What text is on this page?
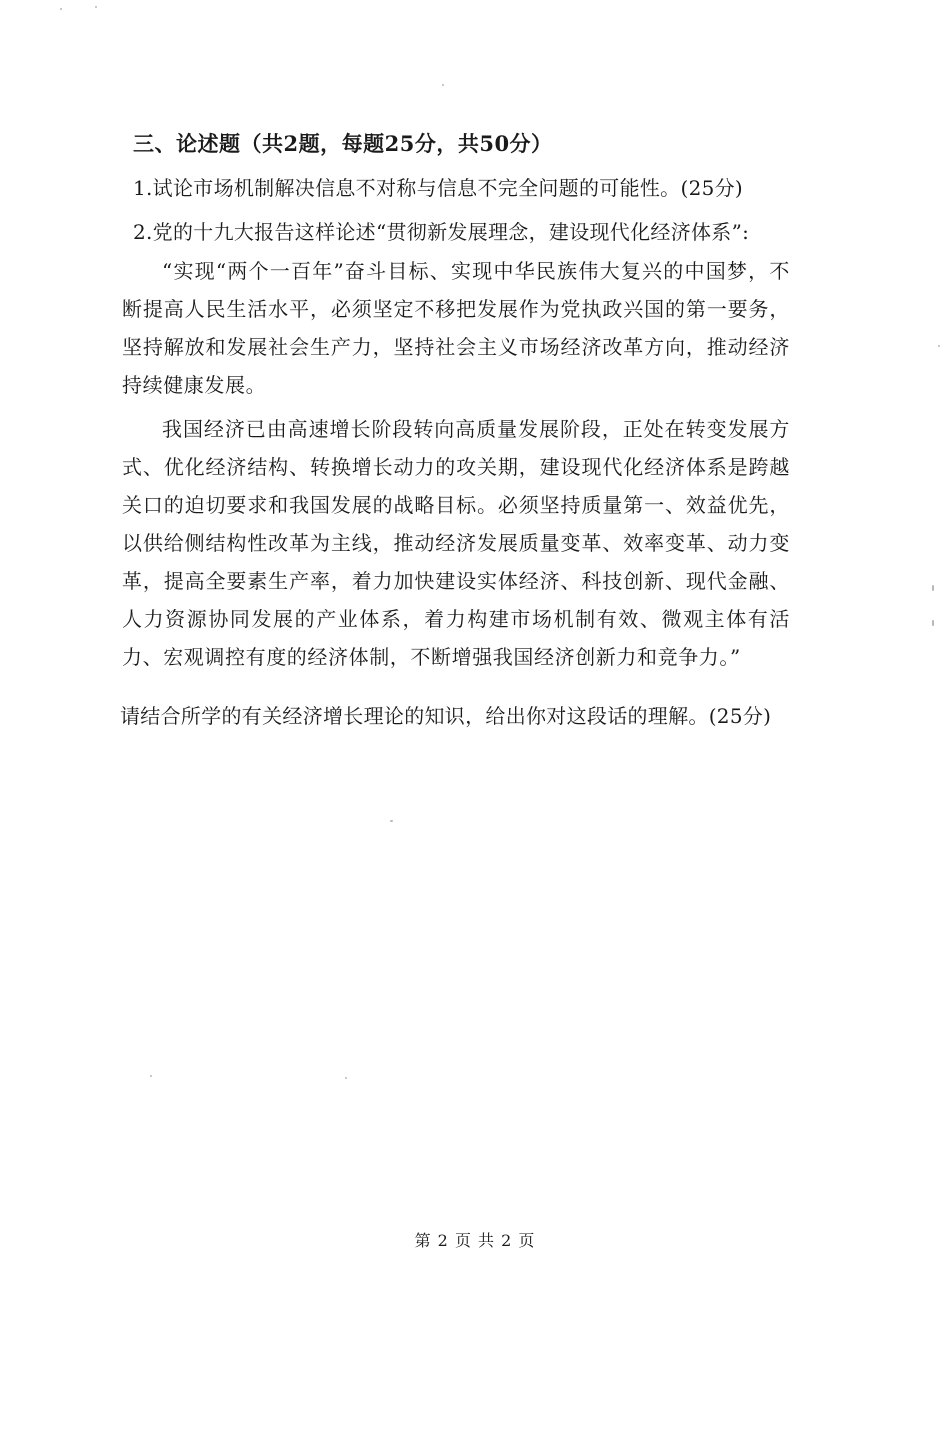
三、论述题（共2题，每题25分，共50分）
1.试论市场机制解决信息不对称与信息不完全问题的可能性。(25分)
2.党的十九大报告这样论述“贯彻新发展理念，建设现代化经济体系”:
“实现“两个一百年”奋斗目标、实现中华民族伟大复兴的中国梦，不断提高人民生活水平，必须坚定不移把发展作为党执政兴国的第一要务，坚持解放和发展社会生产力，坚持社会主义市场经济改革方向，推动经济持续健康发展。
我国经济已由高速增长阶段转向高质量发展阶段，正处在转变发展方式、优化经济结构、转换增长动力的攻关期，建设现代化经济体系是跨越关口的迫切要求和我国发展的战略目标。必须坚持质量第一、效益优先，以供给侧结构性改革为主线，推动经济发展质量变革、效率变革、动力变革，提高全要素生产率，着力加快建设实体经济、科技创新、现代金融、人力资源协同发展的产业体系，着力构建市场机制有效、微观主体有活力、宏观调控有度的经济体制，不断增强我国经济创新力和竞争力。”
请结合所学的有关经济增长理论的知识，给出你对这段话的理解。(25分)
第 2 页 共 2 页
